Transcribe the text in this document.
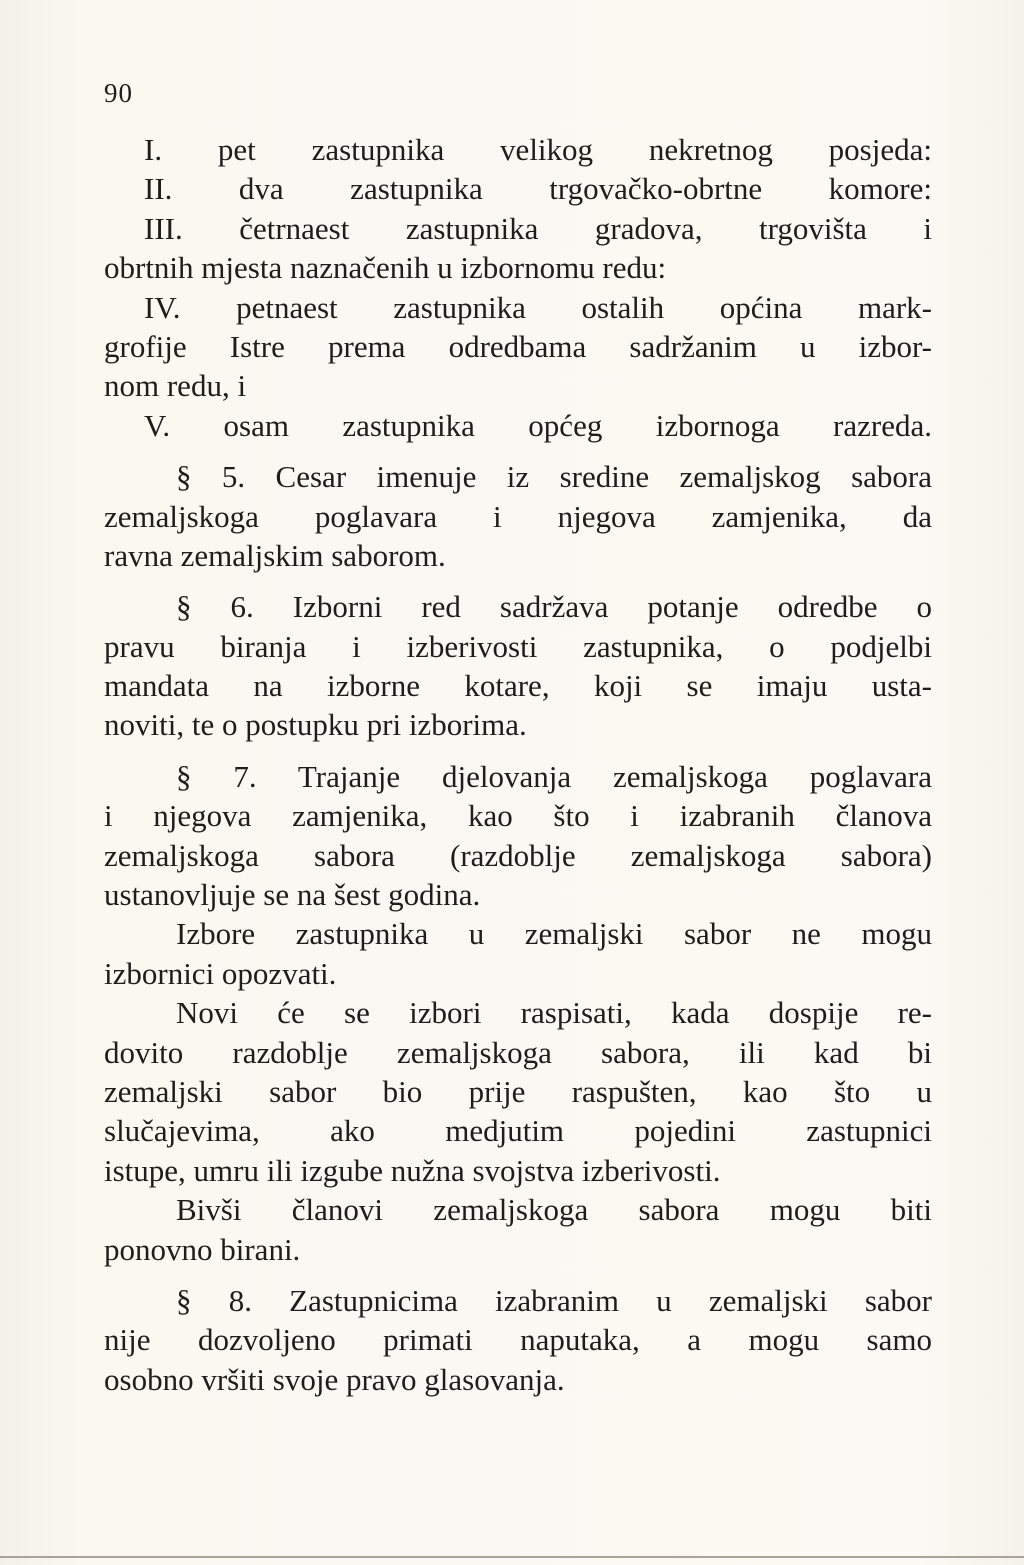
90
I. pet zastupnika velikog nekretnog posjeda:
II. dva zastupnika trgovačko-obrtne komore:
III. četrnaest zastupnika gradova, trgovišta i
obrtnih mjesta naznačenih u izbornomu redu:
IV. petnaest zastupnika ostalih općina mark-
grofije Istre prema odredbama sadržanim u izbor-
nom redu, i
V. osam zastupnika općeg izbornoga razreda.
§ 5. Cesar imenuje iz sredine zemaljskog sabora
zemaljskoga poglavara i njegova zamjenika, da
ravna zemaljskim saborom.
§ 6. Izborni red sadržava potanje odredbe o
pravu biranja i izberivosti zastupnika, o podjelbi
mandata na izborne kotare, koji se imaju usta-
noviti, te o postupku pri izborima.
§ 7. Trajanje djelovanja zemaljskoga poglavara
i njegova zamjenika, kao što i izabranih članova
zemaljskoga sabora (razdoblje zemaljskoga sabora)
ustanovljuje se na šest godina.
Izbore zastupnika u zemaljski sabor ne mogu
izbornici opozvati.
Novi će se izbori raspisati, kada dospije re-
dovito razdoblje zemaljskoga sabora, ili kad bi
zemaljski sabor bio prije raspušten, kao što u
slučajevima, ako medjutim pojedini zastupnici
istupe, umru ili izgube nužna svojstva izberivosti.
Bivši članovi zemaljskoga sabora mogu biti
ponovno birani.
§ 8. Zastupnicima izabranim u zemaljski sabor
nije dozvoljeno primati naputaka, a mogu samo
osobno vršiti svoje pravo glasovanja.
